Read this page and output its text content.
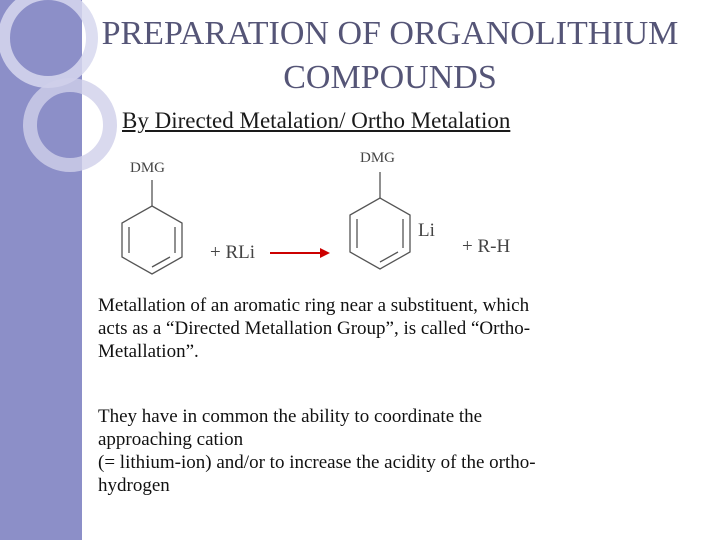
PREPARATION OF ORGANOLITHIUM
COMPOUNDS
By Directed Metalation/ Ortho Metalation
DMG
DMG
+ RLi
Li
+ R-H
Metallation of an aromatic ring near a substituent, which
acts as a “Directed Metallation Group”, is called “Ortho-
Metallation”.
They have in common the ability to coordinate the
approaching cation
(= lithium-ion) and/or to increase the acidity of the ortho-
hydrogen
